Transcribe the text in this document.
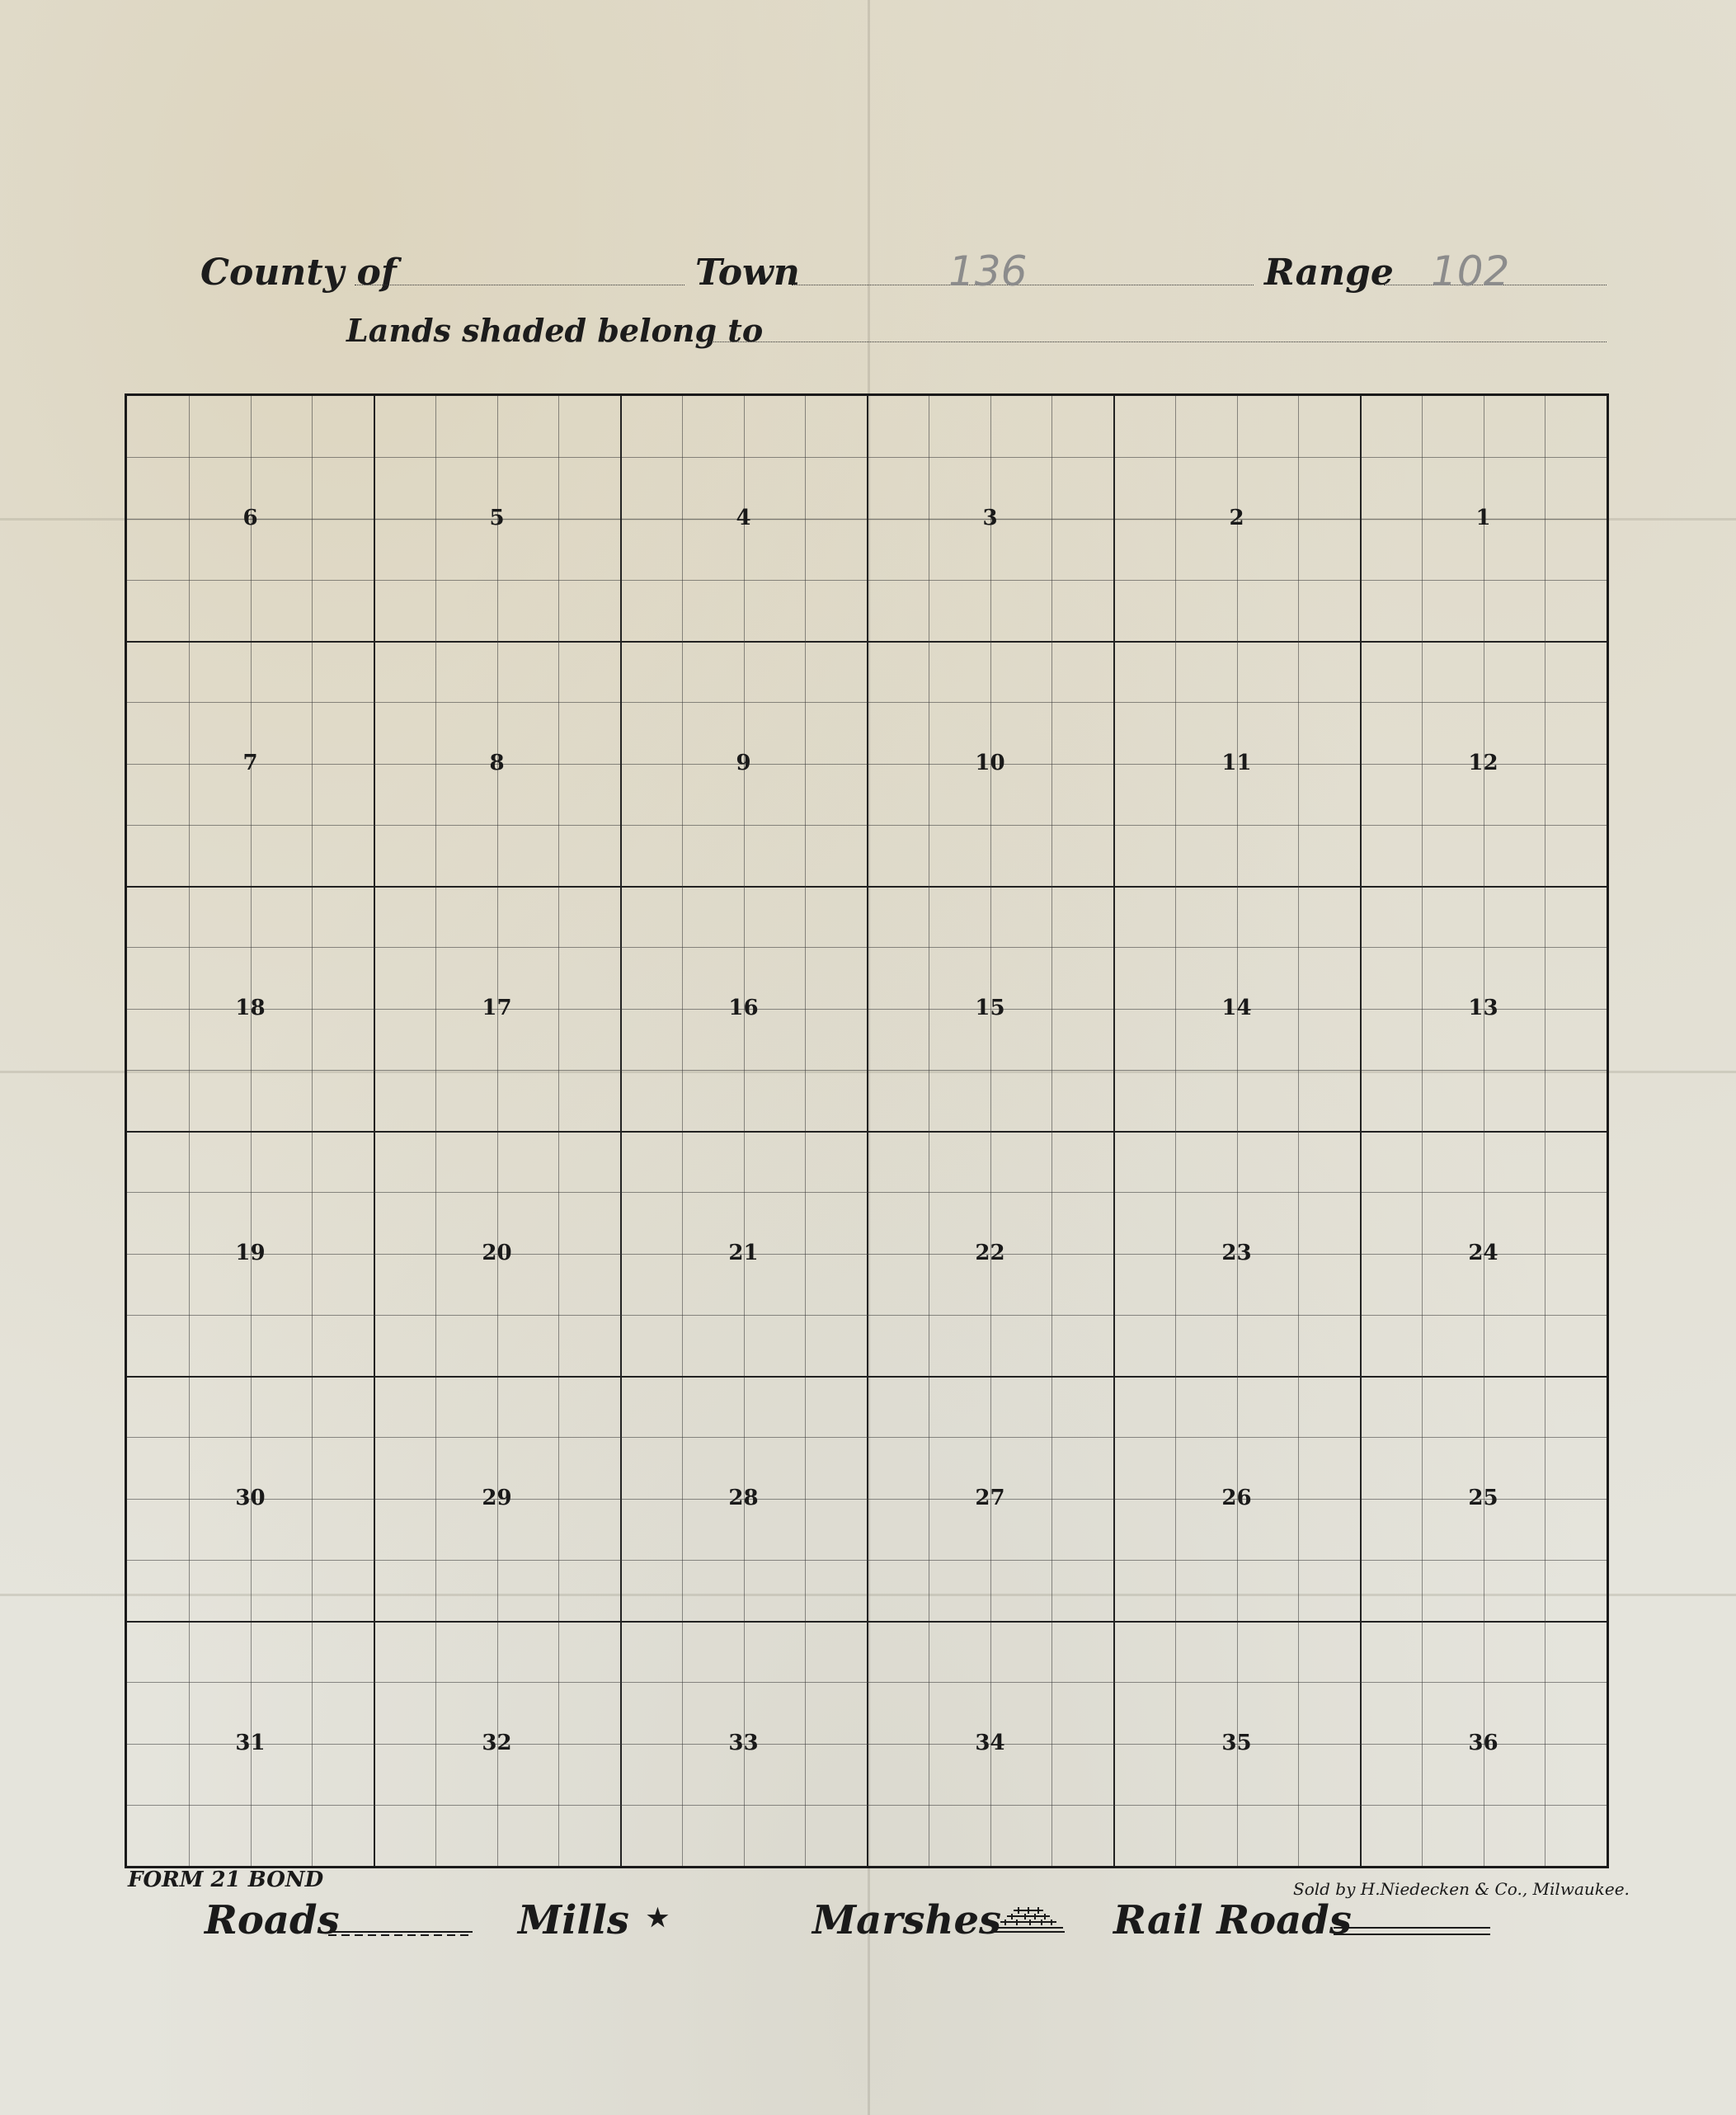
County of	Town	136	Range 102
Lands shaded belong to
6	5	4	3	2	1
7	8	9	10	11	12
18	17	16	15	14	13
19	20	21	22	23	24
30	29	28	27	26	25
31	32	33	34	35	36
FORM 21 BOND	Sold by H.Niedecken & Co., Milwaukee.
Roads	Mills ★	Marshes	Rail Roads
